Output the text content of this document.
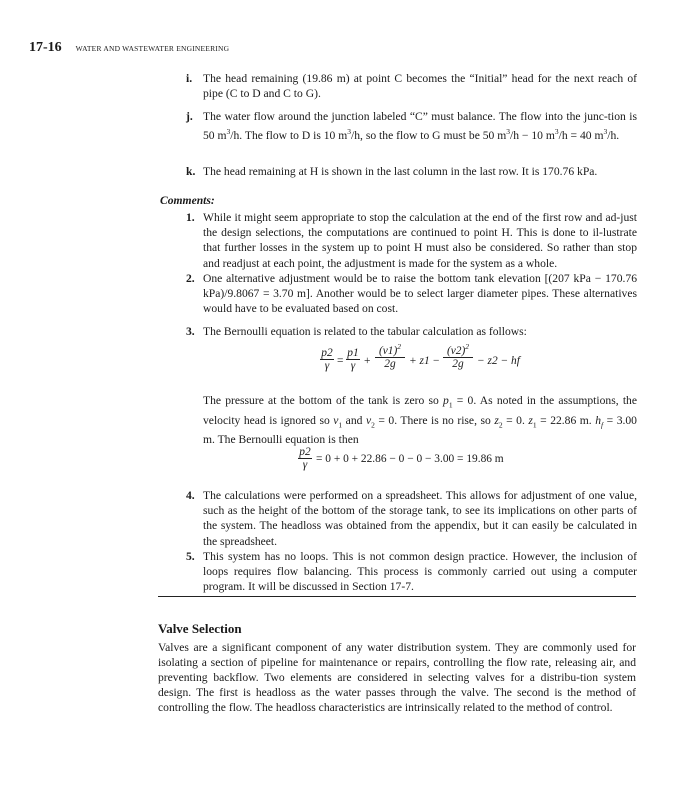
17-16 WATER AND WASTEWATER ENGINEERING
i. The head remaining (19.86 m) at point C becomes the “Initial” head for the next reach of pipe (C to D and C to G).
j. The water flow around the junction labeled “C” must balance. The flow into the junc-tion is 50 $m^3/h$. The flow to D is 10 $m^3/h$, so the flow to G must be 50 $m^3/h - 10$ $m^3/h = 40$ $m^3/h$.
k. The head remaining at H is shown in the last column in the last row. It is 170.76 kPa.
Comments:
1. While it might seem appropriate to stop the calculation at the end of the first row and ad-just the design selections, the computations are continued to point H. This is done to il-lustrate that further losses in the system up to point H must also be considered. So rather than stop and readjust at each point, the adjustment is made for the system as a whole.
2. One alternative adjustment would be to raise the bottom tank elevation [(207 kPa − 170.76 kPa)/9.8067 = 3.70 m]. Another would be to select larger diameter pipes. These alternatives would have to be evaluated based on cost.
3. The Bernoulli equation is related to the tabular calculation as follows:
$\frac{p2}{\gamma} = \frac{p1}{\gamma} + \frac{(v1)^2}{2g} + z1 - \frac{(v2)^2}{2g} - z2$ − hf
The pressure at the bottom of the tank is zero so $p_1 = 0$. As noted in the assumptions, the velocity head is ignored so $v_1$ and $v_2 = 0$. There is no rise, so $z_2 = 0$. $z_1 = 22.86$ m. $h_f = 3.00$ m. The Bernoulli equation is then
$\frac{p2}{\gamma} = 0 + 0 + 22.86 - 0 - 0 - 3.00 = 19.86$ m
4. The calculations were performed on a spreadsheet. This allows for adjustment of one value, such as the height of the bottom of the storage tank, to see its implications on other parts of the system. The headloss was obtained from the appendix, but it can easily be calculated in the spreadsheet.
5. This system has no loops. This is not common design practice. However, the inclusion of loops requires flow balancing. This process is commonly carried out using a computer program. It will be discussed in Section 17-7.
Valve Selection
Valves are a significant component of any water distribution system. They are commonly used for isolating a section of pipeline for maintenance or repairs, controlling the flow rate, releasing air, and preventing backflow. Two elements are considered in selecting valves for a distribu-tion system design. The first is headloss as the water passes through the valve. The second is the method of controlling the flow. The headloss characteristics are intrinsically related to the method of control.
